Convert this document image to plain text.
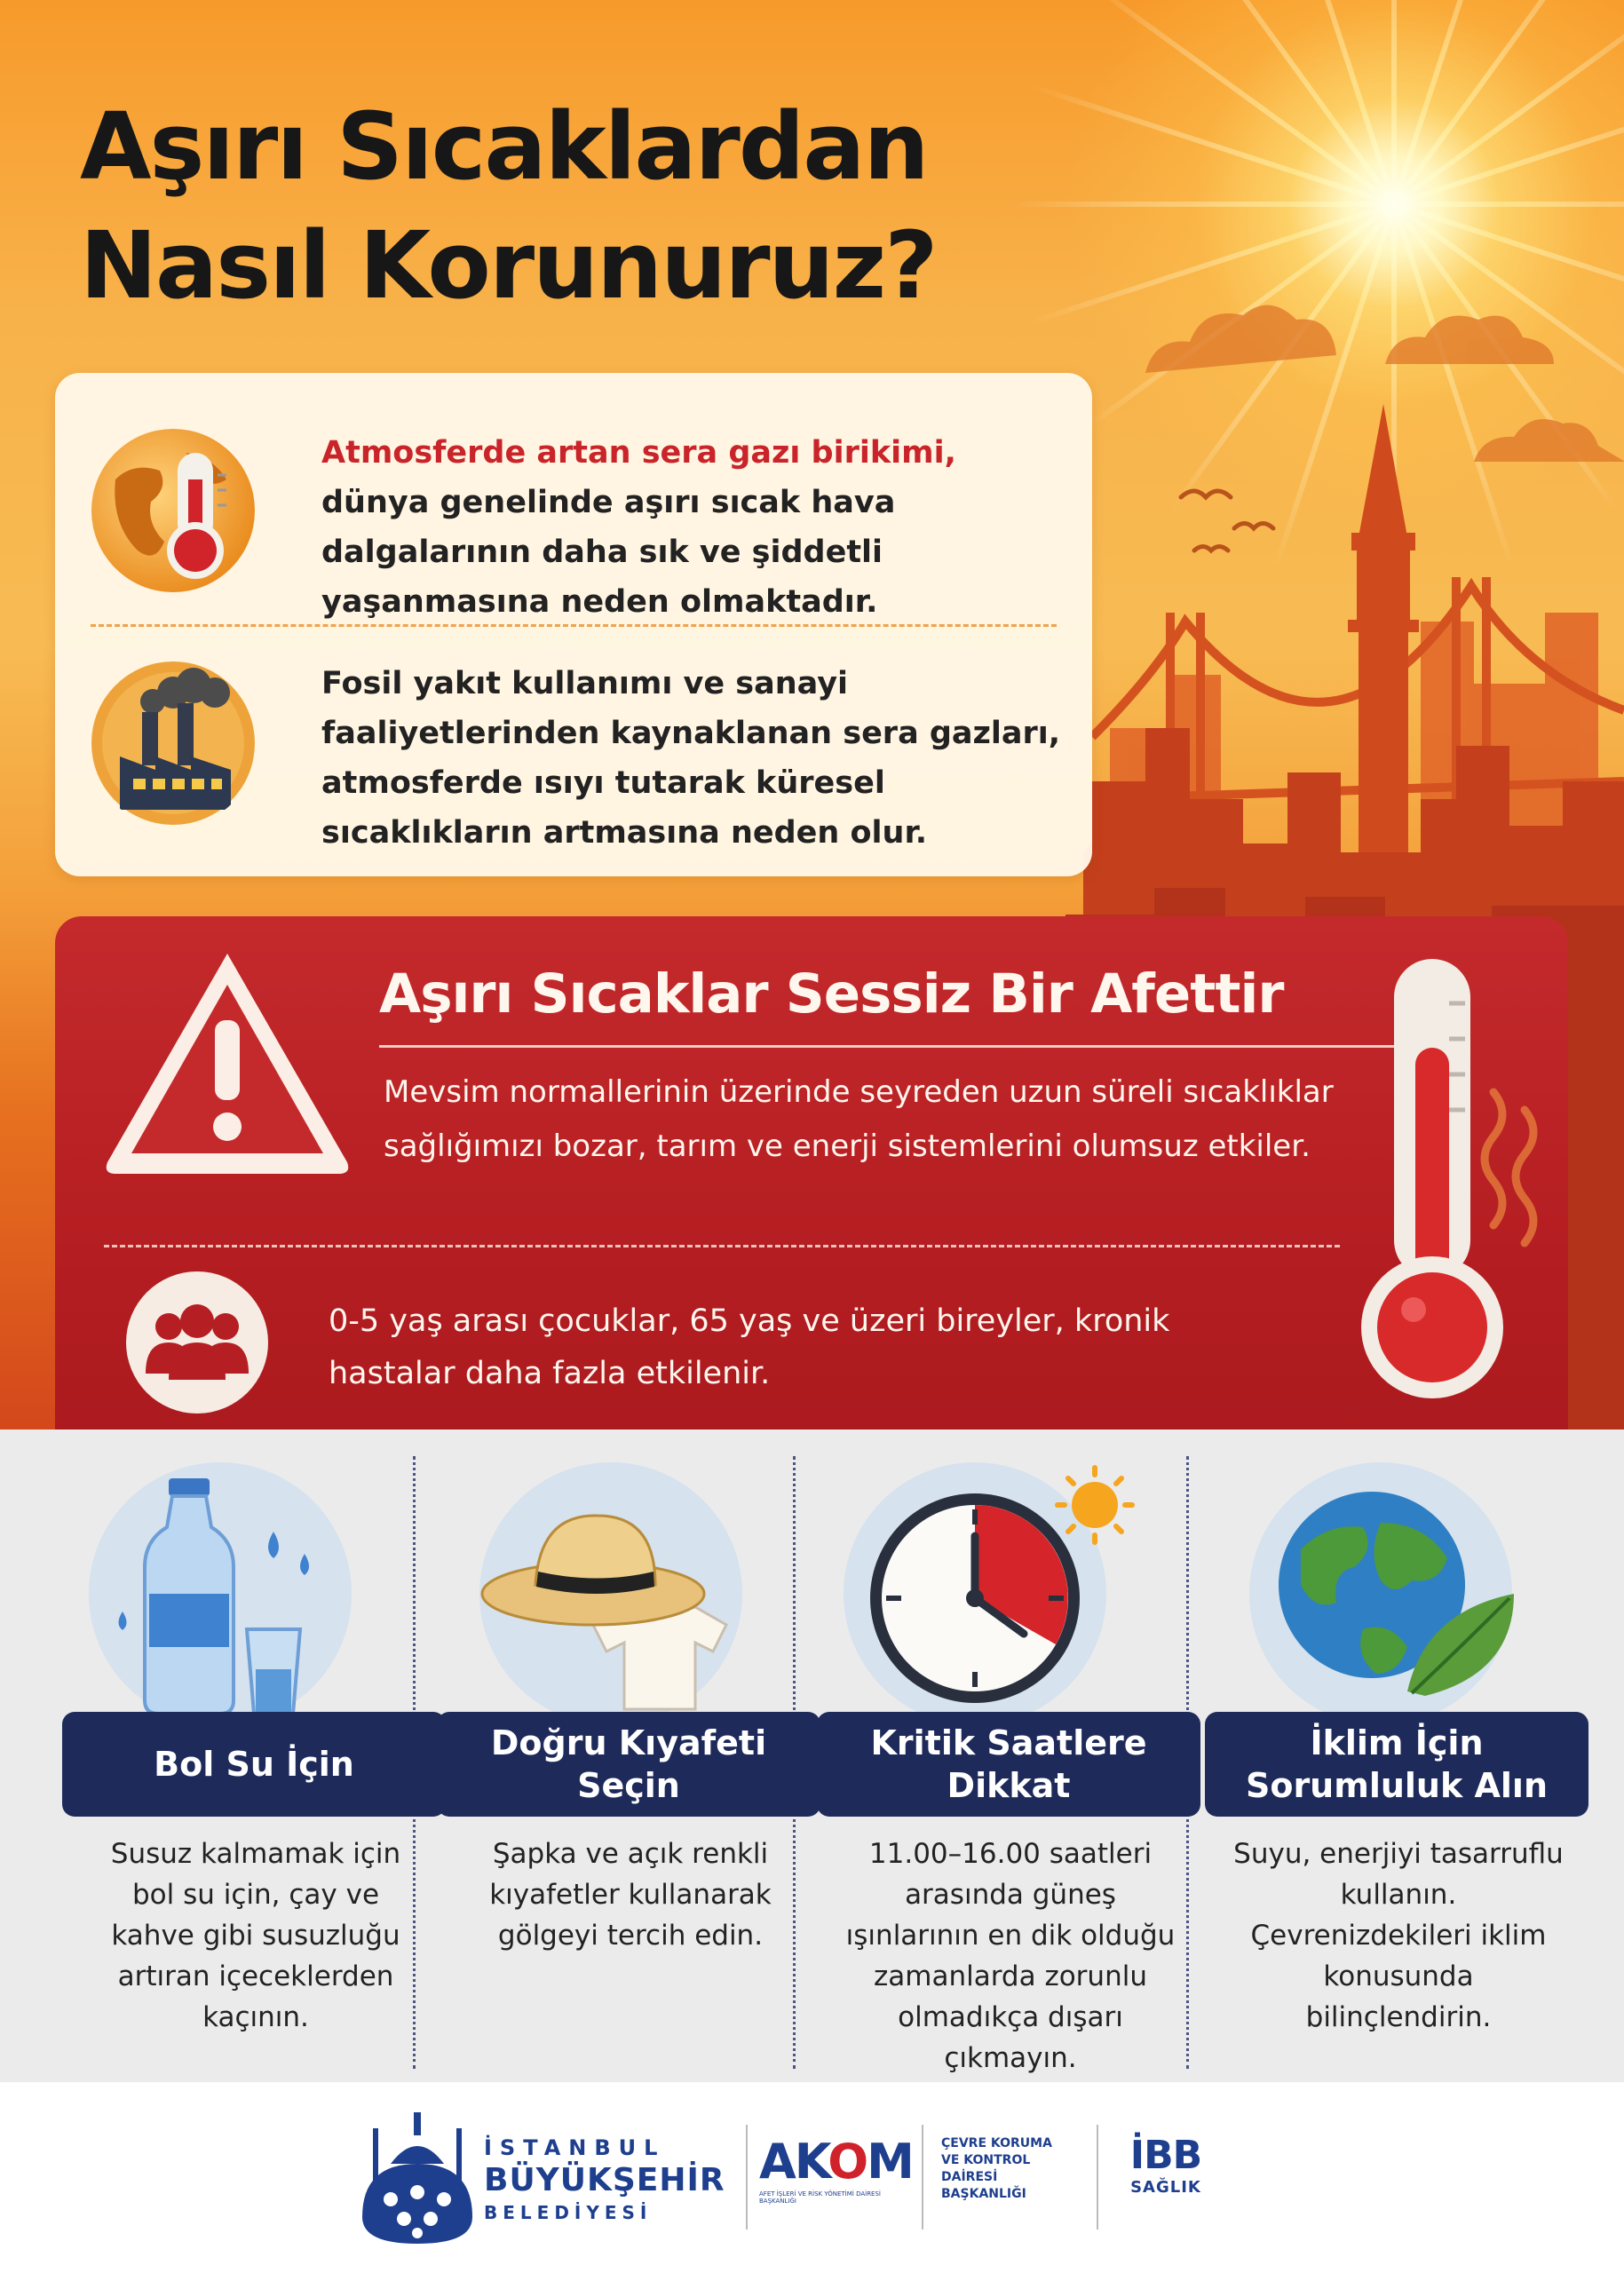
Aşırı Sıcaklardan
Nasıl Korunuruz?
Atmosferde artan sera gazı birikimi,
dünya genelinde aşırı sıcak hava dalgalarının daha sık ve şiddetli yaşanmasına neden olmaktadır.
Fosil yakıt kullanımı ve sanayi faaliyetlerinden kaynaklanan sera gazları, atmosferde ısıyı tutarak küresel sıcaklıkların artmasına neden olur.
Aşırı Sıcaklar Sessiz Bir Afettir
Mevsim normallerinin üzerinde seyreden uzun süreli sıcaklıklar sağlığımızı bozar, tarım ve enerji sistemlerini olumsuz etkiler.
0-5 yaş arası çocuklar, 65 yaş ve üzeri bireyler, kronik hastalar daha fazla etkilenir.
Bol Su İçin
Susuz kalmamak için bol su için, çay ve kahve gibi susuzluğu artıran içeceklerden kaçının.
Doğru Kıyafeti
Seçin
Şapka ve açık renkli kıyafetler kullanarak gölgeyi tercih edin.
Kritik Saatlere
Dikkat
11.00–16.00 saatleri arasında güneş ışınlarının en dik olduğu zamanlarda zorunlu olmadıkça dışarı çıkmayın.
İklim İçin
Sorumluluk Alın
Suyu, enerjiyi tasarruflu kullanın. Çevrenizdekileri iklim konusunda bilinçlendirin.
İSTANBUL
BÜYÜKŞEHİR
BELEDİYESİ
AKOM
AFET İŞLERİ VE RİSK YÖNETİMİ DAİRESİ BAŞKANLIĞI
ÇEVRE KORUMA
VE KONTROL
DAİRESİ
BAŞKANLIĞI
İBB
SAĞLIK
